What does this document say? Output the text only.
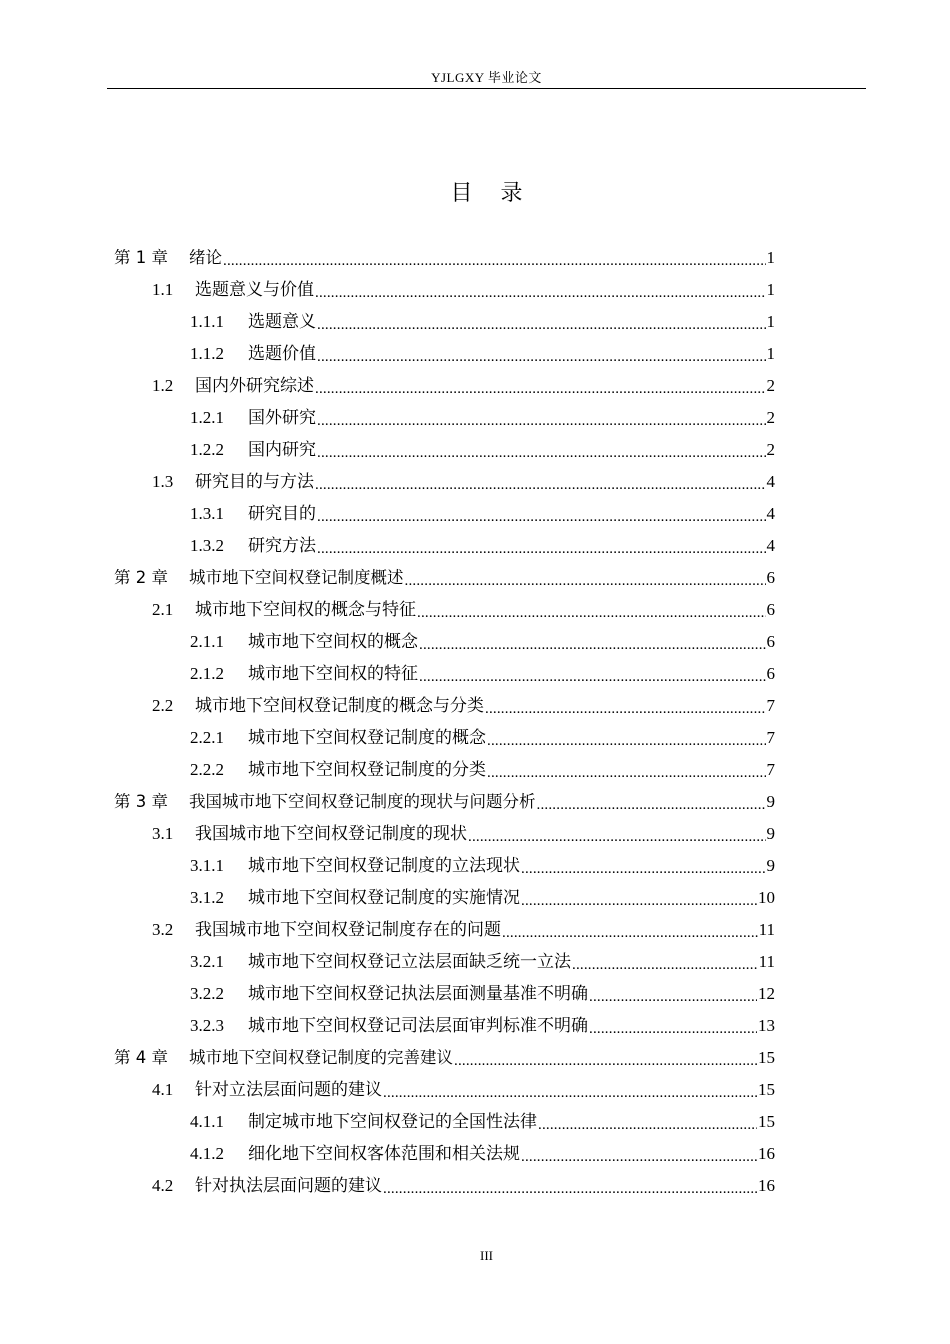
YJLGXY 毕业论文
目    录
第 1 章	绪论 .....	1
1.1	选题意义与价值 .....	1
1.1.1	选题意义 .....	1
1.1.2	选题价值 .....	1
1.2	国内外研究综述 .....	2
1.2.1	国外研究 .....	2
1.2.2	国内研究 .....	2
1.3	研究目的与方法 .....	4
1.3.1	研究目的 .....	4
1.3.2	研究方法 .....	4
第 2 章	城市地下空间权登记制度概述 .....	6
2.1	城市地下空间权的概念与特征 .....	6
2.1.1	城市地下空间权的概念 .....	6
2.1.2	城市地下空间权的特征 .....	6
2.2	城市地下空间权登记制度的概念与分类 .....	7
2.2.1	城市地下空间权登记制度的概念 .....	7
2.2.2	城市地下空间权登记制度的分类 .....	7
第 3 章	我国城市地下空间权登记制度的现状与问题分析 .....	9
3.1	我国城市地下空间权登记制度的现状 .....	9
3.1.1	城市地下空间权登记制度的立法现状 .....	9
3.1.2	城市地下空间权登记制度的实施情况 .....	10
3.2	我国城市地下空间权登记制度存在的问题 .....	11
3.2.1	城市地下空间权登记立法层面缺乏统一立法 .....	11
3.2.2	城市地下空间权登记执法层面测量基准不明确 .....	12
3.2.3	城市地下空间权登记司法层面审判标准不明确 .....	13
第 4 章	城市地下空间权登记制度的完善建议 .....	15
4.1	针对立法层面问题的建议 .....	15
4.1.1	制定城市地下空间权登记的全国性法律 .....	15
4.1.2	细化地下空间权客体范围和相关法规 .....	16
4.2	针对执法层面问题的建议 .....	16
III
